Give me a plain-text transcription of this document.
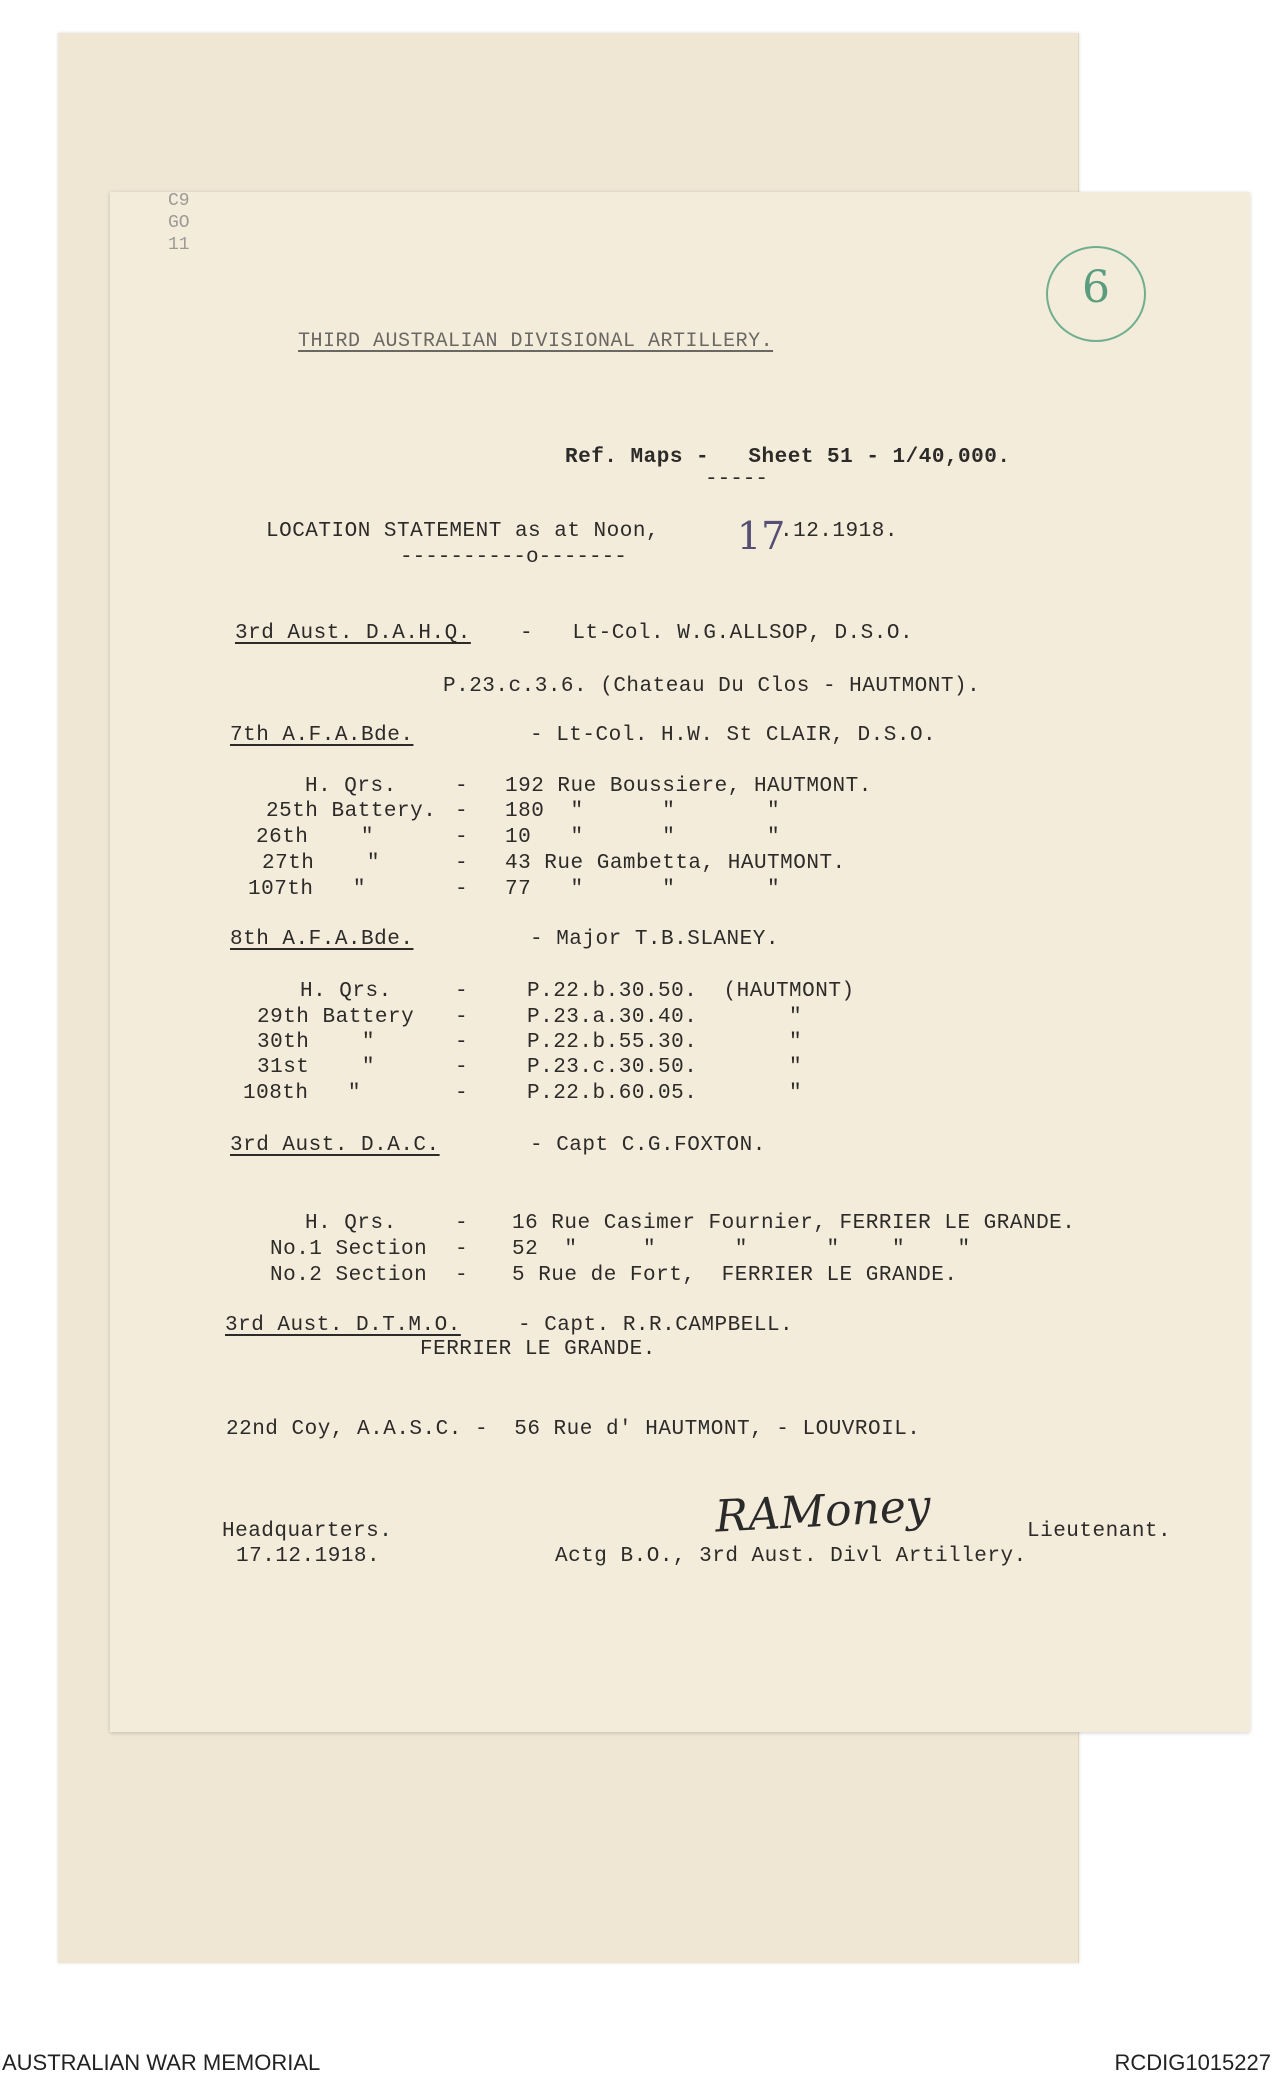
C9
GO
11
6
THIRD AUSTRALIAN DIVISIONAL ARTILLERY.
Ref. Maps -   Sheet 51 - 1/40,000.
-----
LOCATION STATEMENT as at Noon, 17
.12.1918.
----------o-------
3rd Aust. D.A.H.Q. -   Lt-Col. W.G.ALLSOP, D.S.O.
P.23.c.3.6. (Chateau Du Clos - HAUTMONT).
7th A.F.A.Bde.	- Lt-Col. H.W. St CLAIR, D.S.O.
H. Qrs.	- 192 Rue Boussiere, HAUTMONT.
25th Battery. - 180  "      "       "
26th    "	- 10   "      "       "
27th    "	- 43 Rue Gambetta, HAUTMONT.
107th   "	- 77   "      "       "
8th A.F.A.Bde.	- Major T.B.SLANEY.
H. Qrs.	-	P.22.b.30.50.  (HAUTMONT)
29th Battery -	P.23.a.30.40.       "
30th    "	-	P.22.b.55.30.       "
31st    "	-	P.23.c.30.50.       "
108th   "	-	P.22.b.60.05.       "
3rd Aust. D.A.C.	- Capt C.G.FOXTON.
H. Qrs.	- 16 Rue Casimer Fournier, FERRIER LE GRANDE.
No.1 Section - 52  "     "      "      "    "    "
No.2 Section - 5 Rue de Fort,  FERRIER LE GRANDE.
3rd Aust. D.T.M.O.	- Capt. R.R.CAMPBELL.
FERRIER LE GRANDE.
22nd Coy, A.A.S.C. -  56 Rue d' HAUTMONT, - LOUVROIL.
Headquarters.
17.12.1918.
RAMoney	Lieutenant.
Actg B.O., 3rd Aust. Divl Artillery.
AUSTRALIAN WAR MEMORIAL	RCDIG1015227
